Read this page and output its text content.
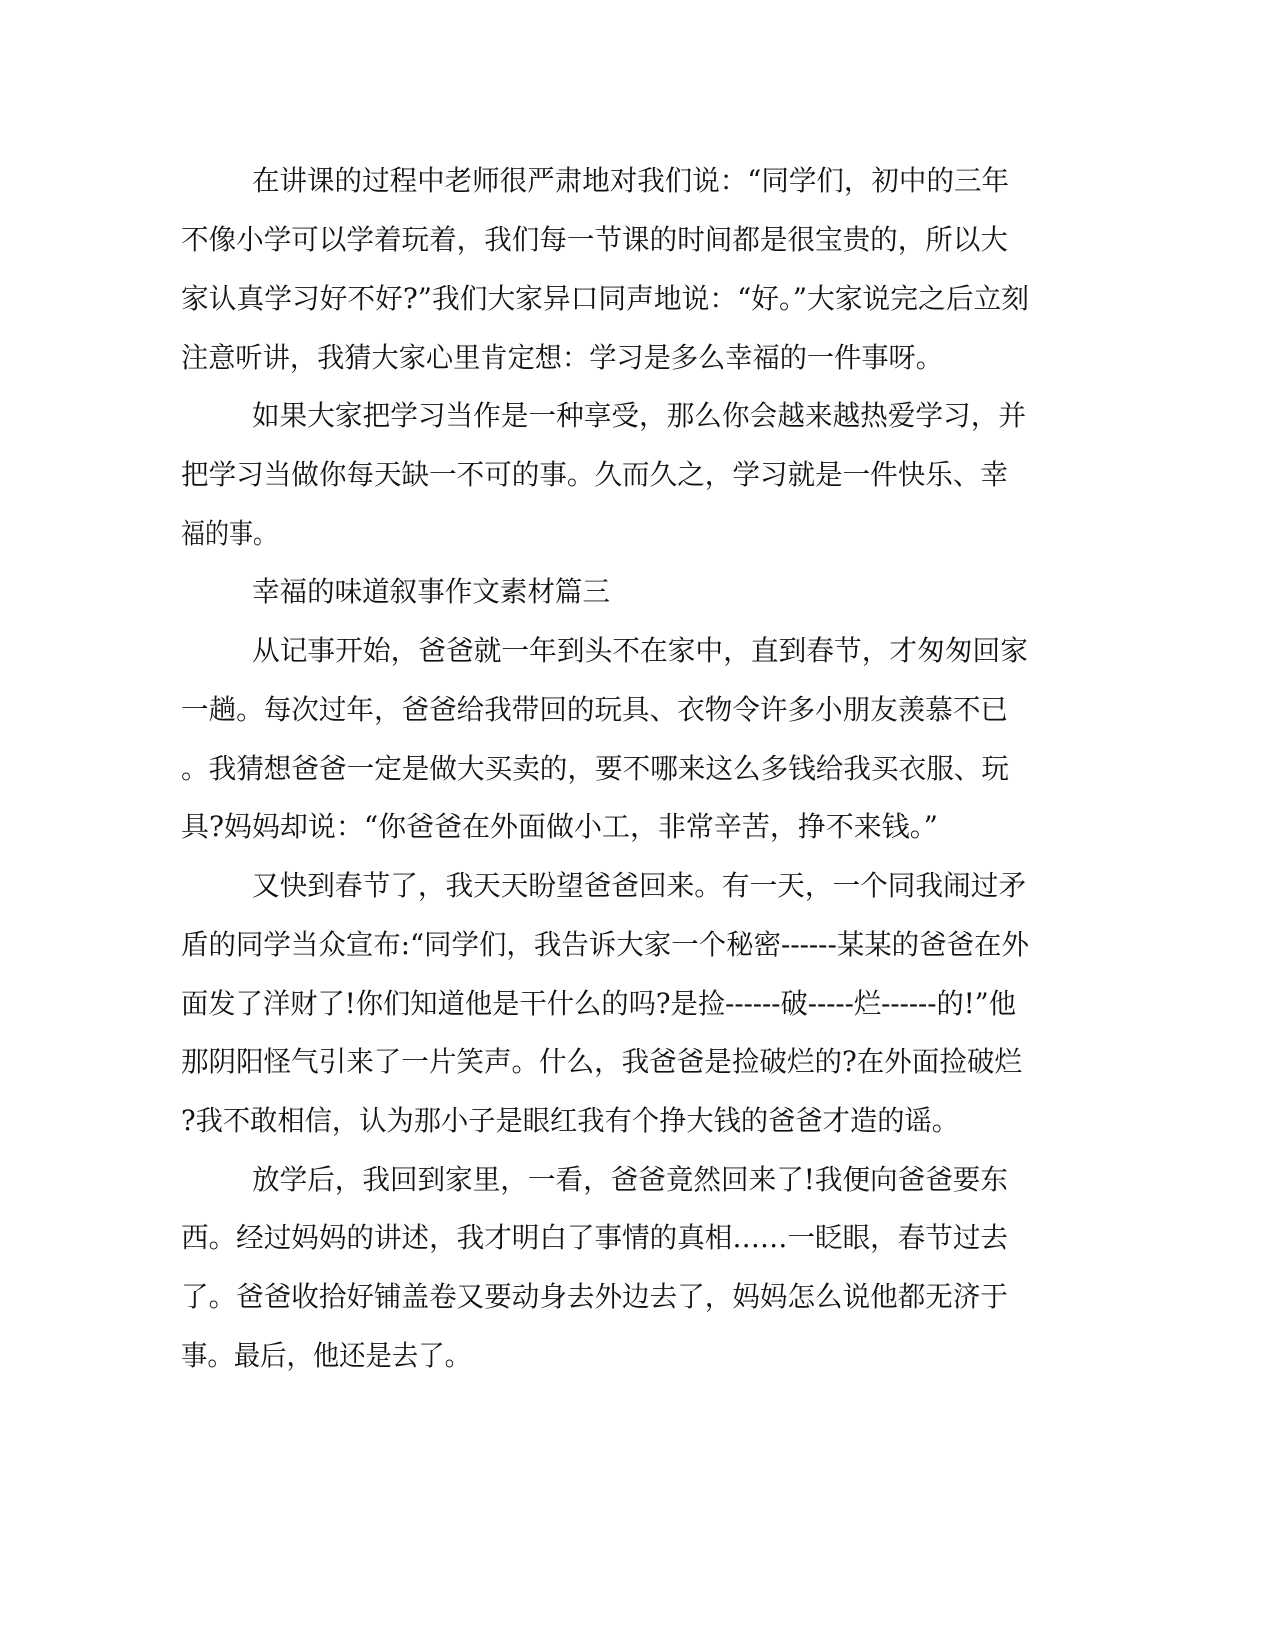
在讲课的过程中老师很严肃地对我们说：“同学们，初中的三年
不像小学可以学着玩着，我们每一节课的时间都是很宝贵的，所以大
家认真学习好不好?”我们大家异口同声地说：“好。”大家说完之后立刻
注意听讲，我猜大家心里肯定想：学习是多么幸福的一件事呀。
如果大家把学习当作是一种享受，那么你会越来越热爱学习，并
把学习当做你每天缺一不可的事。久而久之，学习就是一件快乐、幸
福的事。
幸福的味道叙事作文素材篇三
从记事开始，爸爸就一年到头不在家中，直到春节，才匆匆回家
一趟。每次过年，爸爸给我带回的玩具、衣物令许多小朋友羡慕不已
。我猜想爸爸一定是做大买卖的，要不哪来这么多钱给我买衣服、玩
具?妈妈却说：“你爸爸在外面做小工，非常辛苦，挣不来钱。”
又快到春节了，我天天盼望爸爸回来。有一天，一个同我闹过矛
盾的同学当众宣布:“同学们，我告诉大家一个秘密------某某的爸爸在外
面发了洋财了!你们知道他是干什么的吗?是捡------破-----烂------的!”他
那阴阳怪气引来了一片笑声。什么，我爸爸是捡破烂的?在外面捡破烂
?我不敢相信，认为那小子是眼红我有个挣大钱的爸爸才造的谣。
放学后，我回到家里，一看，爸爸竟然回来了!我便向爸爸要东
西。经过妈妈的讲述，我才明白了事情的真相……一眨眼，春节过去
了。爸爸收拾好铺盖卷又要动身去外边去了，妈妈怎么说他都无济于
事。最后，他还是去了。
